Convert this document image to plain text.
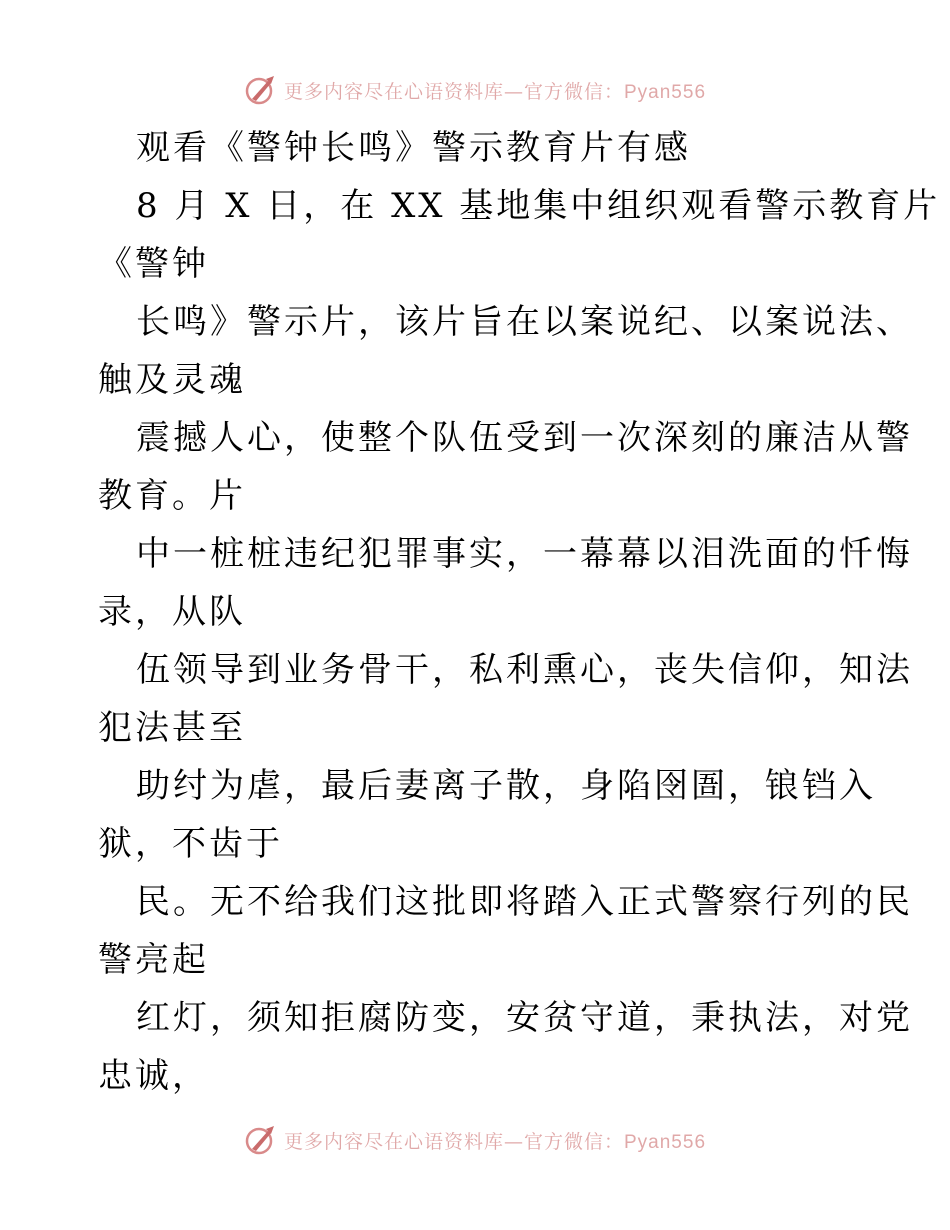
更多内容尽在心语资料库—官方微信：Pyan556
观看《警钟长鸣》警示教育片有感
8 月 X 日，在 XX 基地集中组织观看警示教育片
《警钟
长鸣》警示片，该片旨在以案说纪、以案说法、
触及灵魂
震撼人心，使整个队伍受到一次深刻的廉洁从警
教育。片
中一桩桩违纪犯罪事实，一幕幕以泪洗面的忏悔
录，从队
伍领导到业务骨干，私利熏心，丧失信仰，知法
犯法甚至
助纣为虐，最后妻离子散，身陷囹圄，锒铛入
狱，不齿于
民。无不给我们这批即将踏入正式警察行列的民
警亮起
红灯，须知拒腐防变，安贫守道，秉执法，对党
忠诚，
更多内容尽在心语资料库—官方微信：Pyan556
